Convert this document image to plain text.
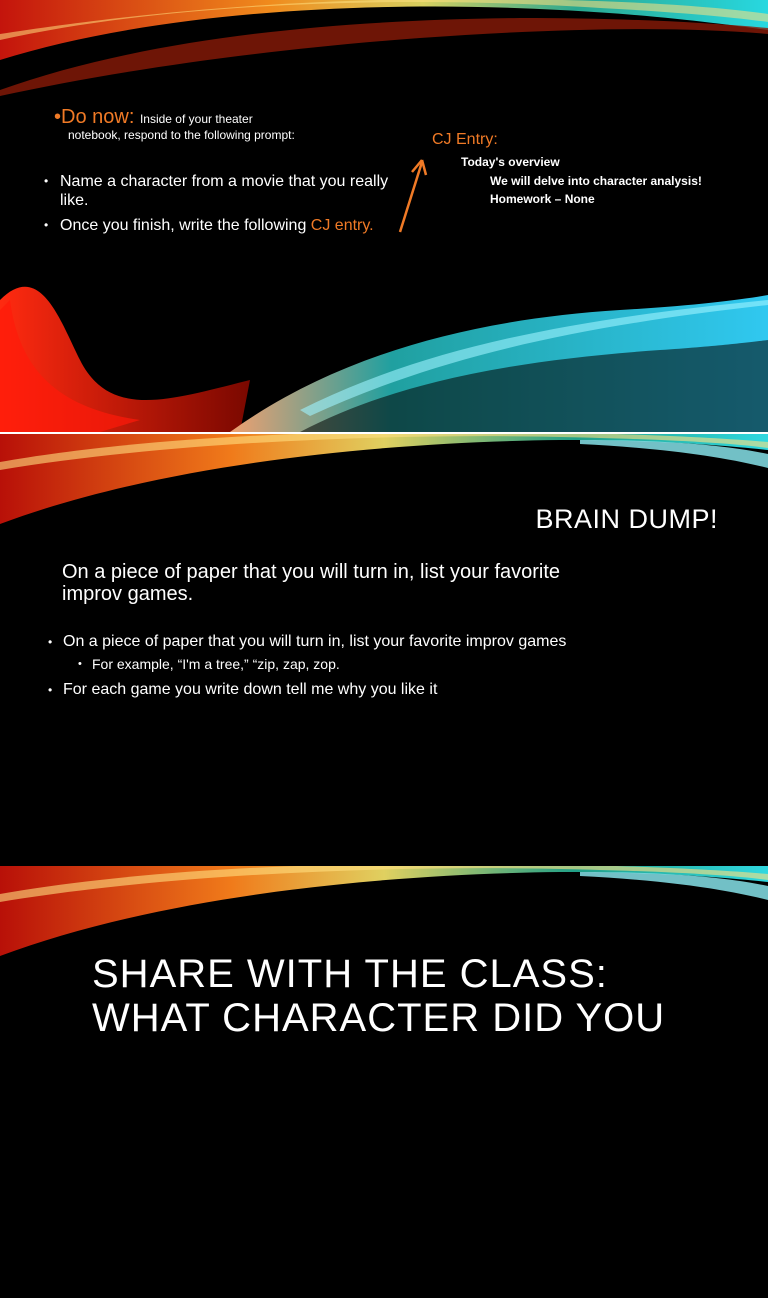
•Do now: Inside of your theater
notebook, respond to the following prompt:
• Name a character from a movie that you really like.
• Once you finish, write the following CJ entry.
CJ Entry:
Today's overview
We will delve into character analysis!
Homework – None
BRAIN DUMP!
On a piece of paper that you will turn in, list your favorite improv games.
• On a piece of paper that you will turn in, list your favorite improv games
• For example, “I'm a tree,” “zip, zap, zop.
• For each game you write down tell me why you like it
SHARE WITH THE CLASS: WHAT CHARACTER DID YOU
